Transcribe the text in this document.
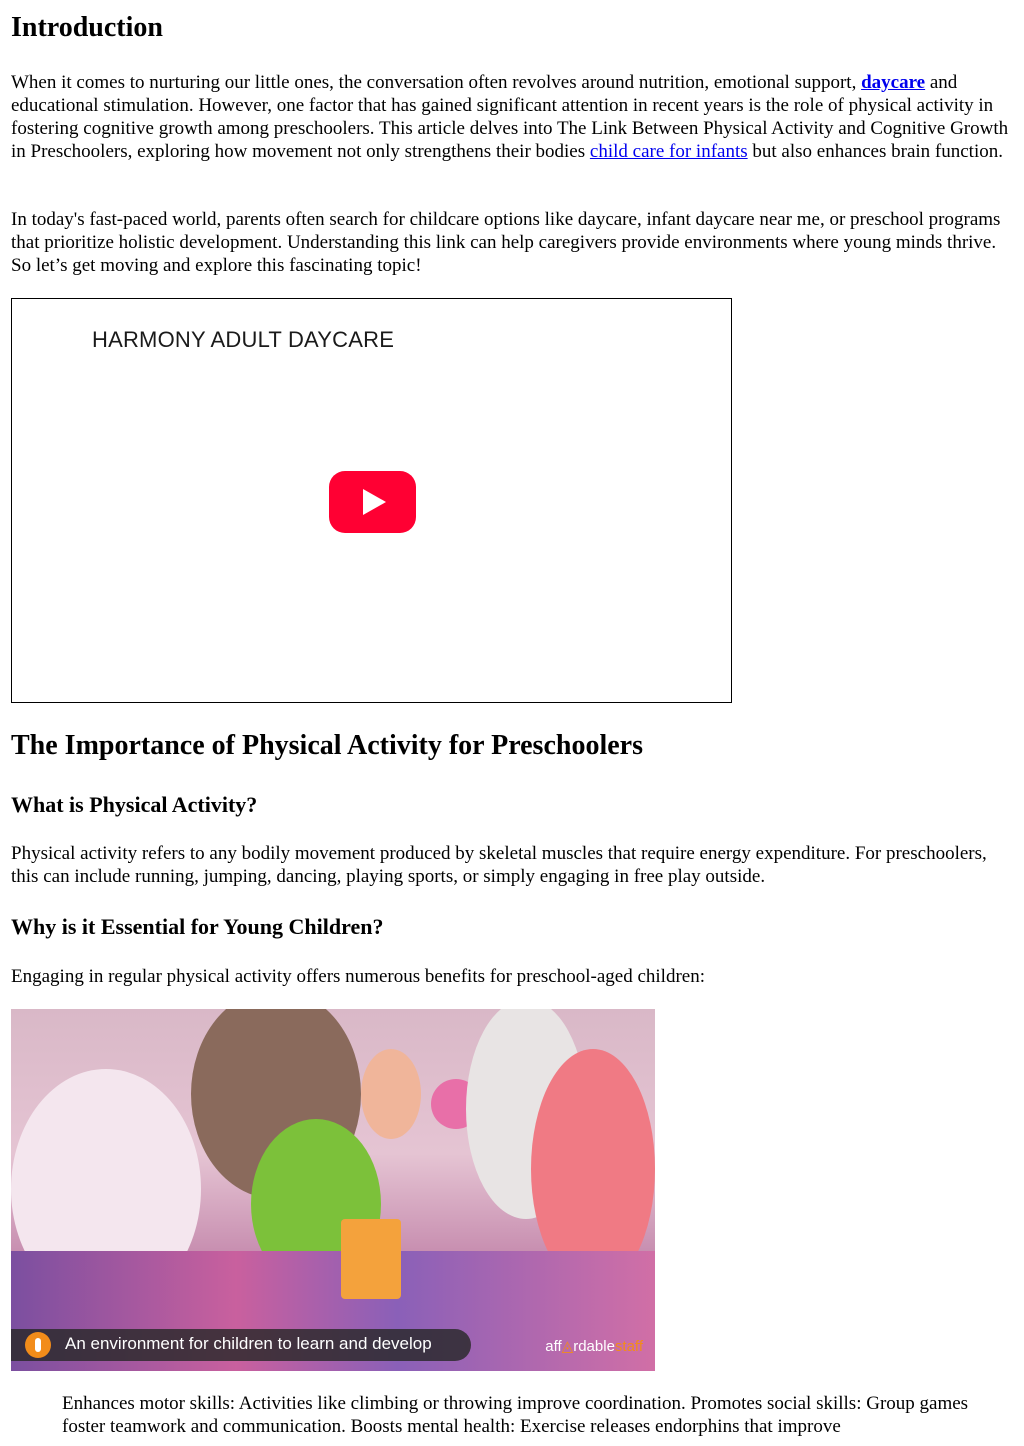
Introduction

When it comes to nurturing our little ones, the conversation often revolves around nutrition, emotional support, daycare and educational stimulation. However, one factor that has gained significant attention in recent years is the role of physical activity in fostering cognitive growth among preschoolers. This article delves into The Link Between Physical Activity and Cognitive Growth in Preschoolers, exploring how movement not only strengthens their bodies child care for infants but also enhances brain function.

In today's fast-paced world, parents often search for childcare options like daycare, infant daycare near me, or preschool programs that prioritize holistic development. Understanding this link can help caregivers provide environments where young minds thrive. So let’s get moving and explore this fascinating topic!

HARMONY ADULT DAYCARE
The Importance of Physical Activity for Preschoolers
What is Physical Activity?

Physical activity refers to any bodily movement produced by skeletal muscles that require energy expenditure. For preschoolers, this can include running, jumping, dancing, playing sports, or simply engaging in free play outside.

Why is it Essential for Young Children?

Engaging in regular physical activity offers numerous benefits for preschool-aged children:

An environment for children to learn and develop	aff◬rdablestaff

Enhances motor skills: Activities like climbing or throwing improve coordination. Promotes social skills: Group games foster teamwork and communication. Boosts mental health: Exercise releases endorphins that improve
